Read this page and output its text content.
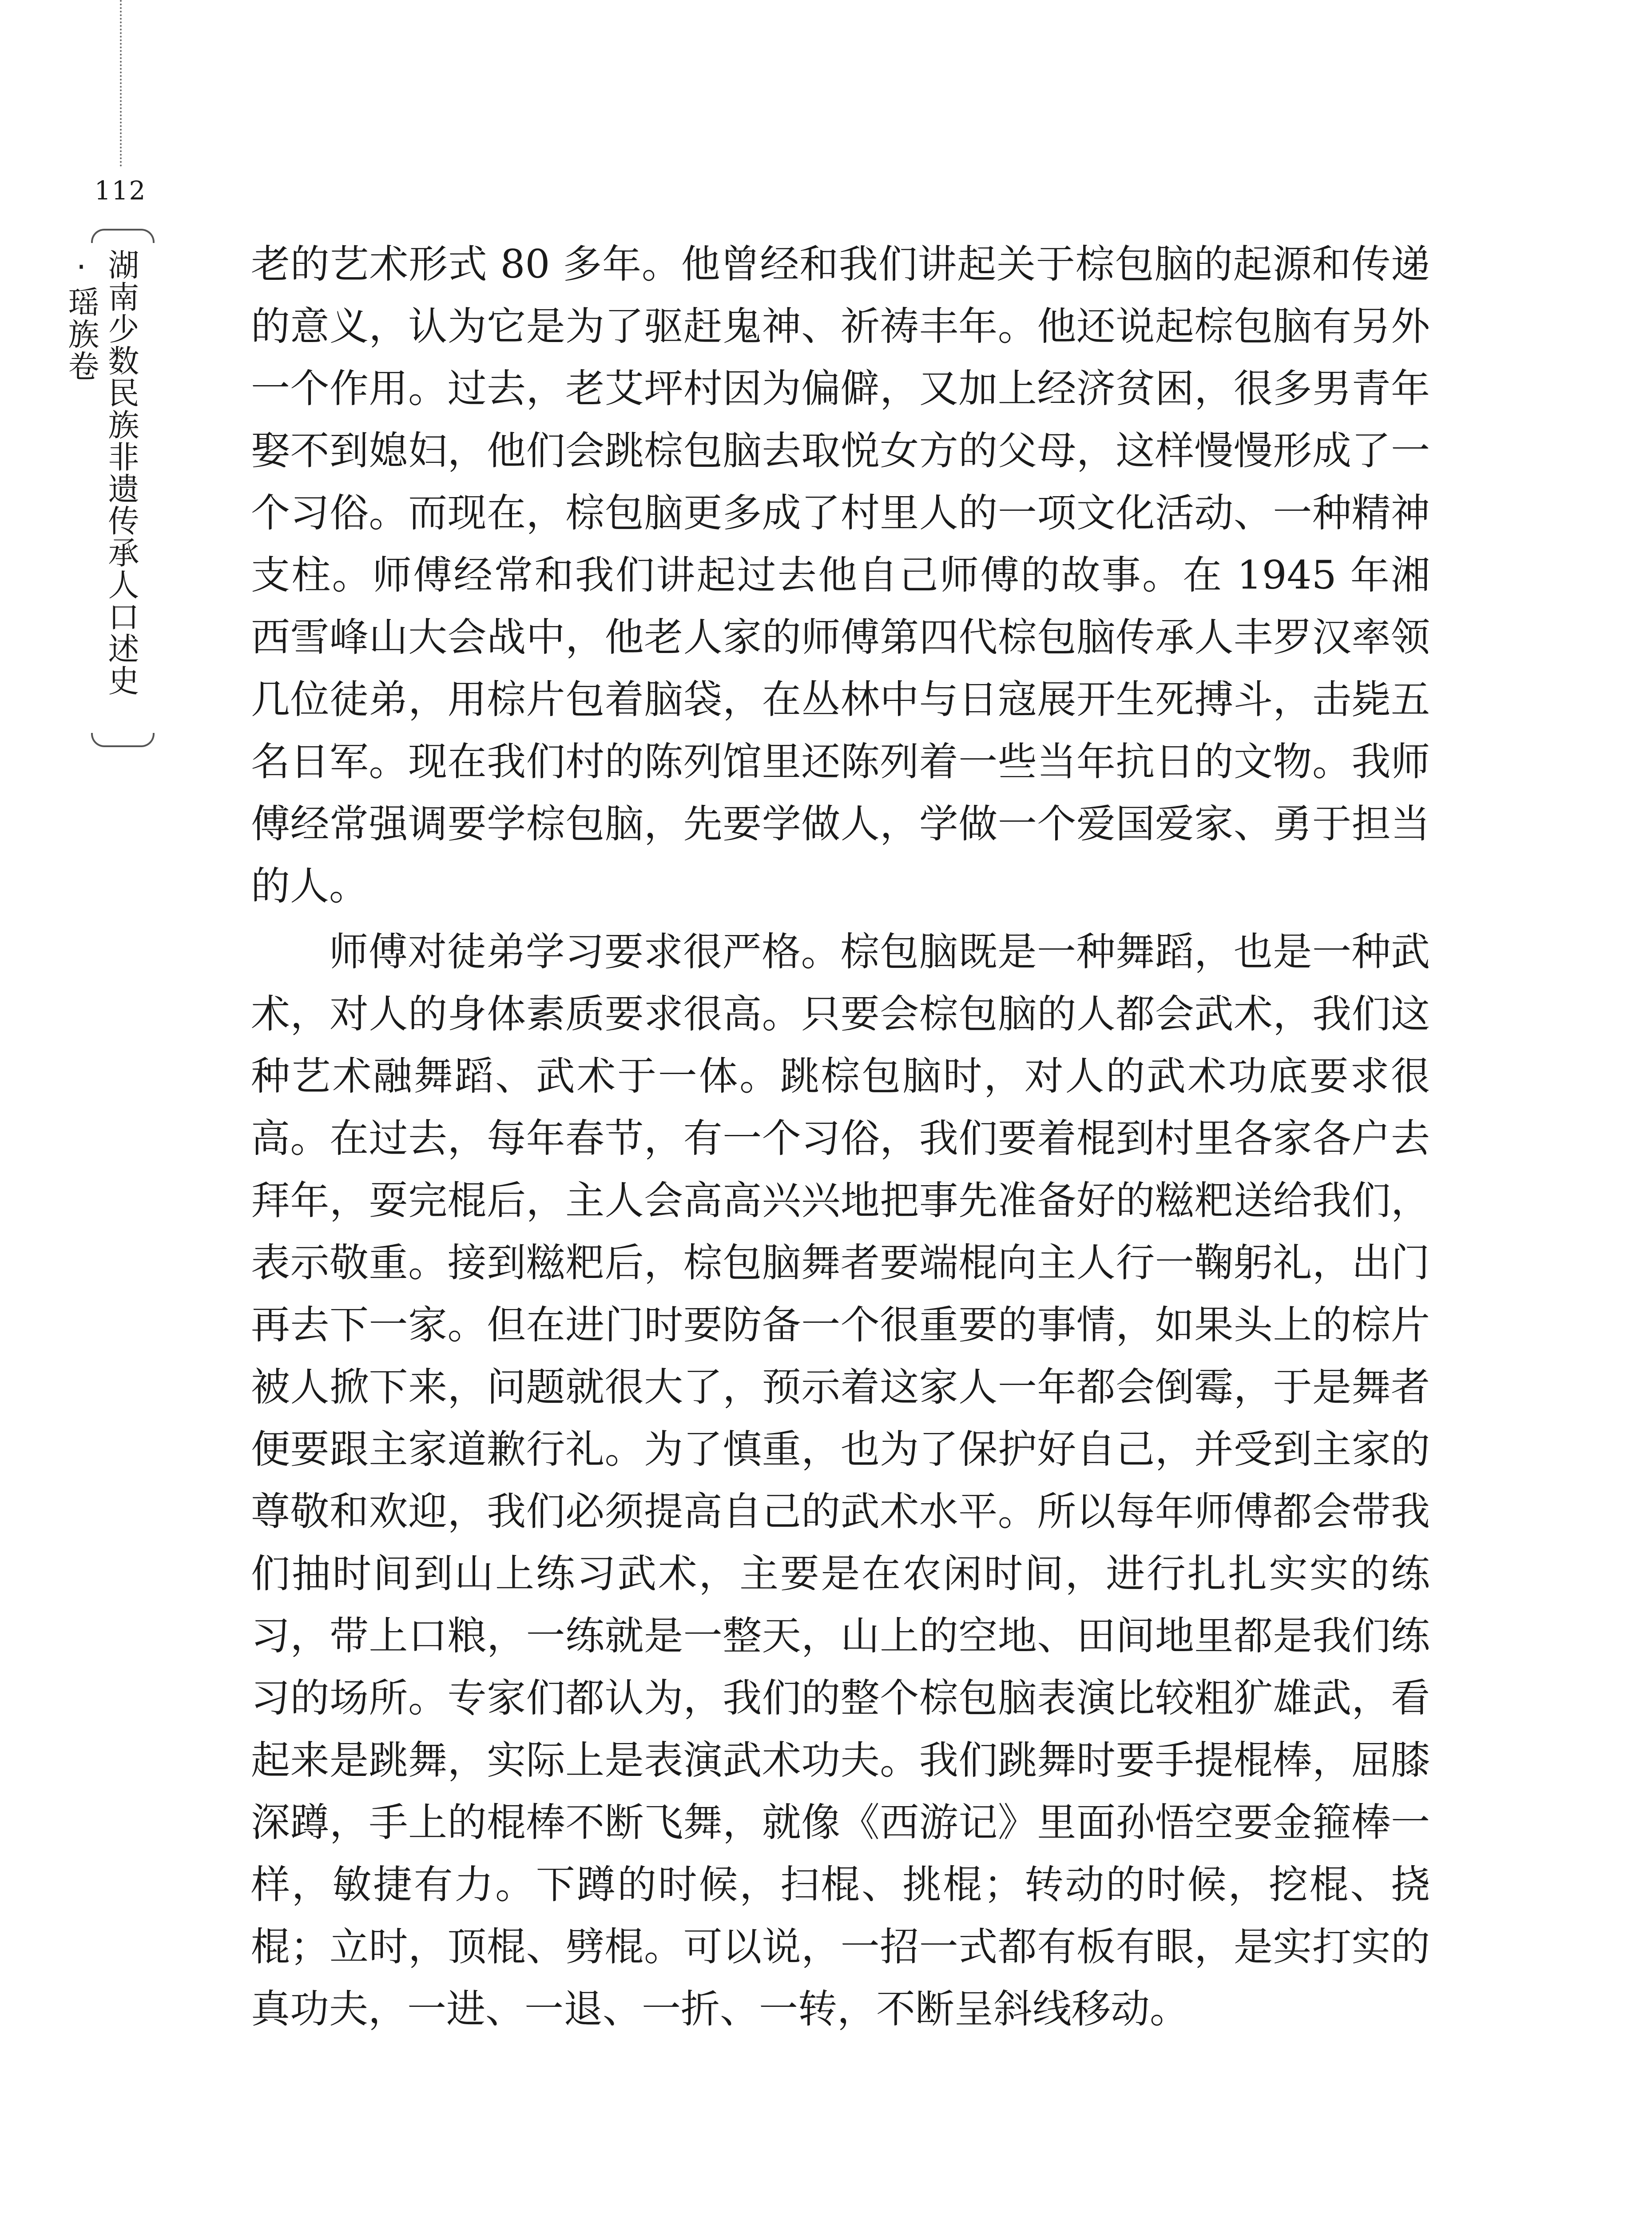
112
湖南少数民族非遗传承人口述史·瑶族卷	老的艺术形式 80 多年。他曾经和我们讲起关于棕包脑的起源和传递的意义，认为它是为了驱赶鬼神、祈祷丰年。他还说起棕包脑有另外一个作用。过去，老艾坪村因为偏僻，又加上经济贫困，很多男青年娶不到媳妇，他们会跳棕包脑去取悦女方的父母，这样慢慢形成了一个习俗。而现在，棕包脑更多成了村里人的一项文化活动、一种精神支柱。师傅经常和我们讲起过去他自己师傅的故事。在 1945 年湘西雪峰山大会战中，他老人家的师傅第四代棕包脑传承人丰罗汉率领几位徒弟，用棕片包着脑袋，在丛林中与日寇展开生死搏斗，击毙五名日军。现在我们村的陈列馆里还陈列着一些当年抗日的文物。我师傅经常强调要学棕包脑，先要学做人，学做一个爱国爱家、勇于担当的人。

师傅对徒弟学习要求很严格。棕包脑既是一种舞蹈，也是一种武术，对人的身体素质要求很高。只要会棕包脑的人都会武术，我们这种艺术融舞蹈、武术于一体。跳棕包脑时，对人的武术功底要求很高。在过去，每年春节，有一个习俗，我们要着棍到村里各家各户去拜年，耍完棍后，主人会高高兴兴地把事先准备好的糍粑送给我们，表示敬重。接到糍粑后，棕包脑舞者要端棍向主人行一鞠躬礼，出门再去下一家。但在进门时要防备一个很重要的事情，如果头上的棕片被人掀下来，问题就很大了，预示着这家人一年都会倒霉，于是舞者便要跟主家道歉行礼。为了慎重，也为了保护好自己，并受到主家的尊敬和欢迎，我们必须提高自己的武术水平。所以每年师傅都会带我们抽时间到山上练习武术，主要是在农闲时间，进行扎扎实实的练习，带上口粮，一练就是一整天，山上的空地、田间地里都是我们练习的场所。专家们都认为，我们的整个棕包脑表演比较粗犷雄武，看起来是跳舞，实际上是表演武术功夫。我们跳舞时要手提棍棒，屈膝深蹲，手上的棍棒不断飞舞，就像《西游记》里面孙悟空要金箍棒一样，敏捷有力。下蹲的时候，扫棍、挑棍；转动的时候，挖棍、挠棍；立时，顶棍、劈棍。可以说，一招一式都有板有眼，是实打实的真功夫，一进、一退、一折、一转，不断呈斜线移动。
